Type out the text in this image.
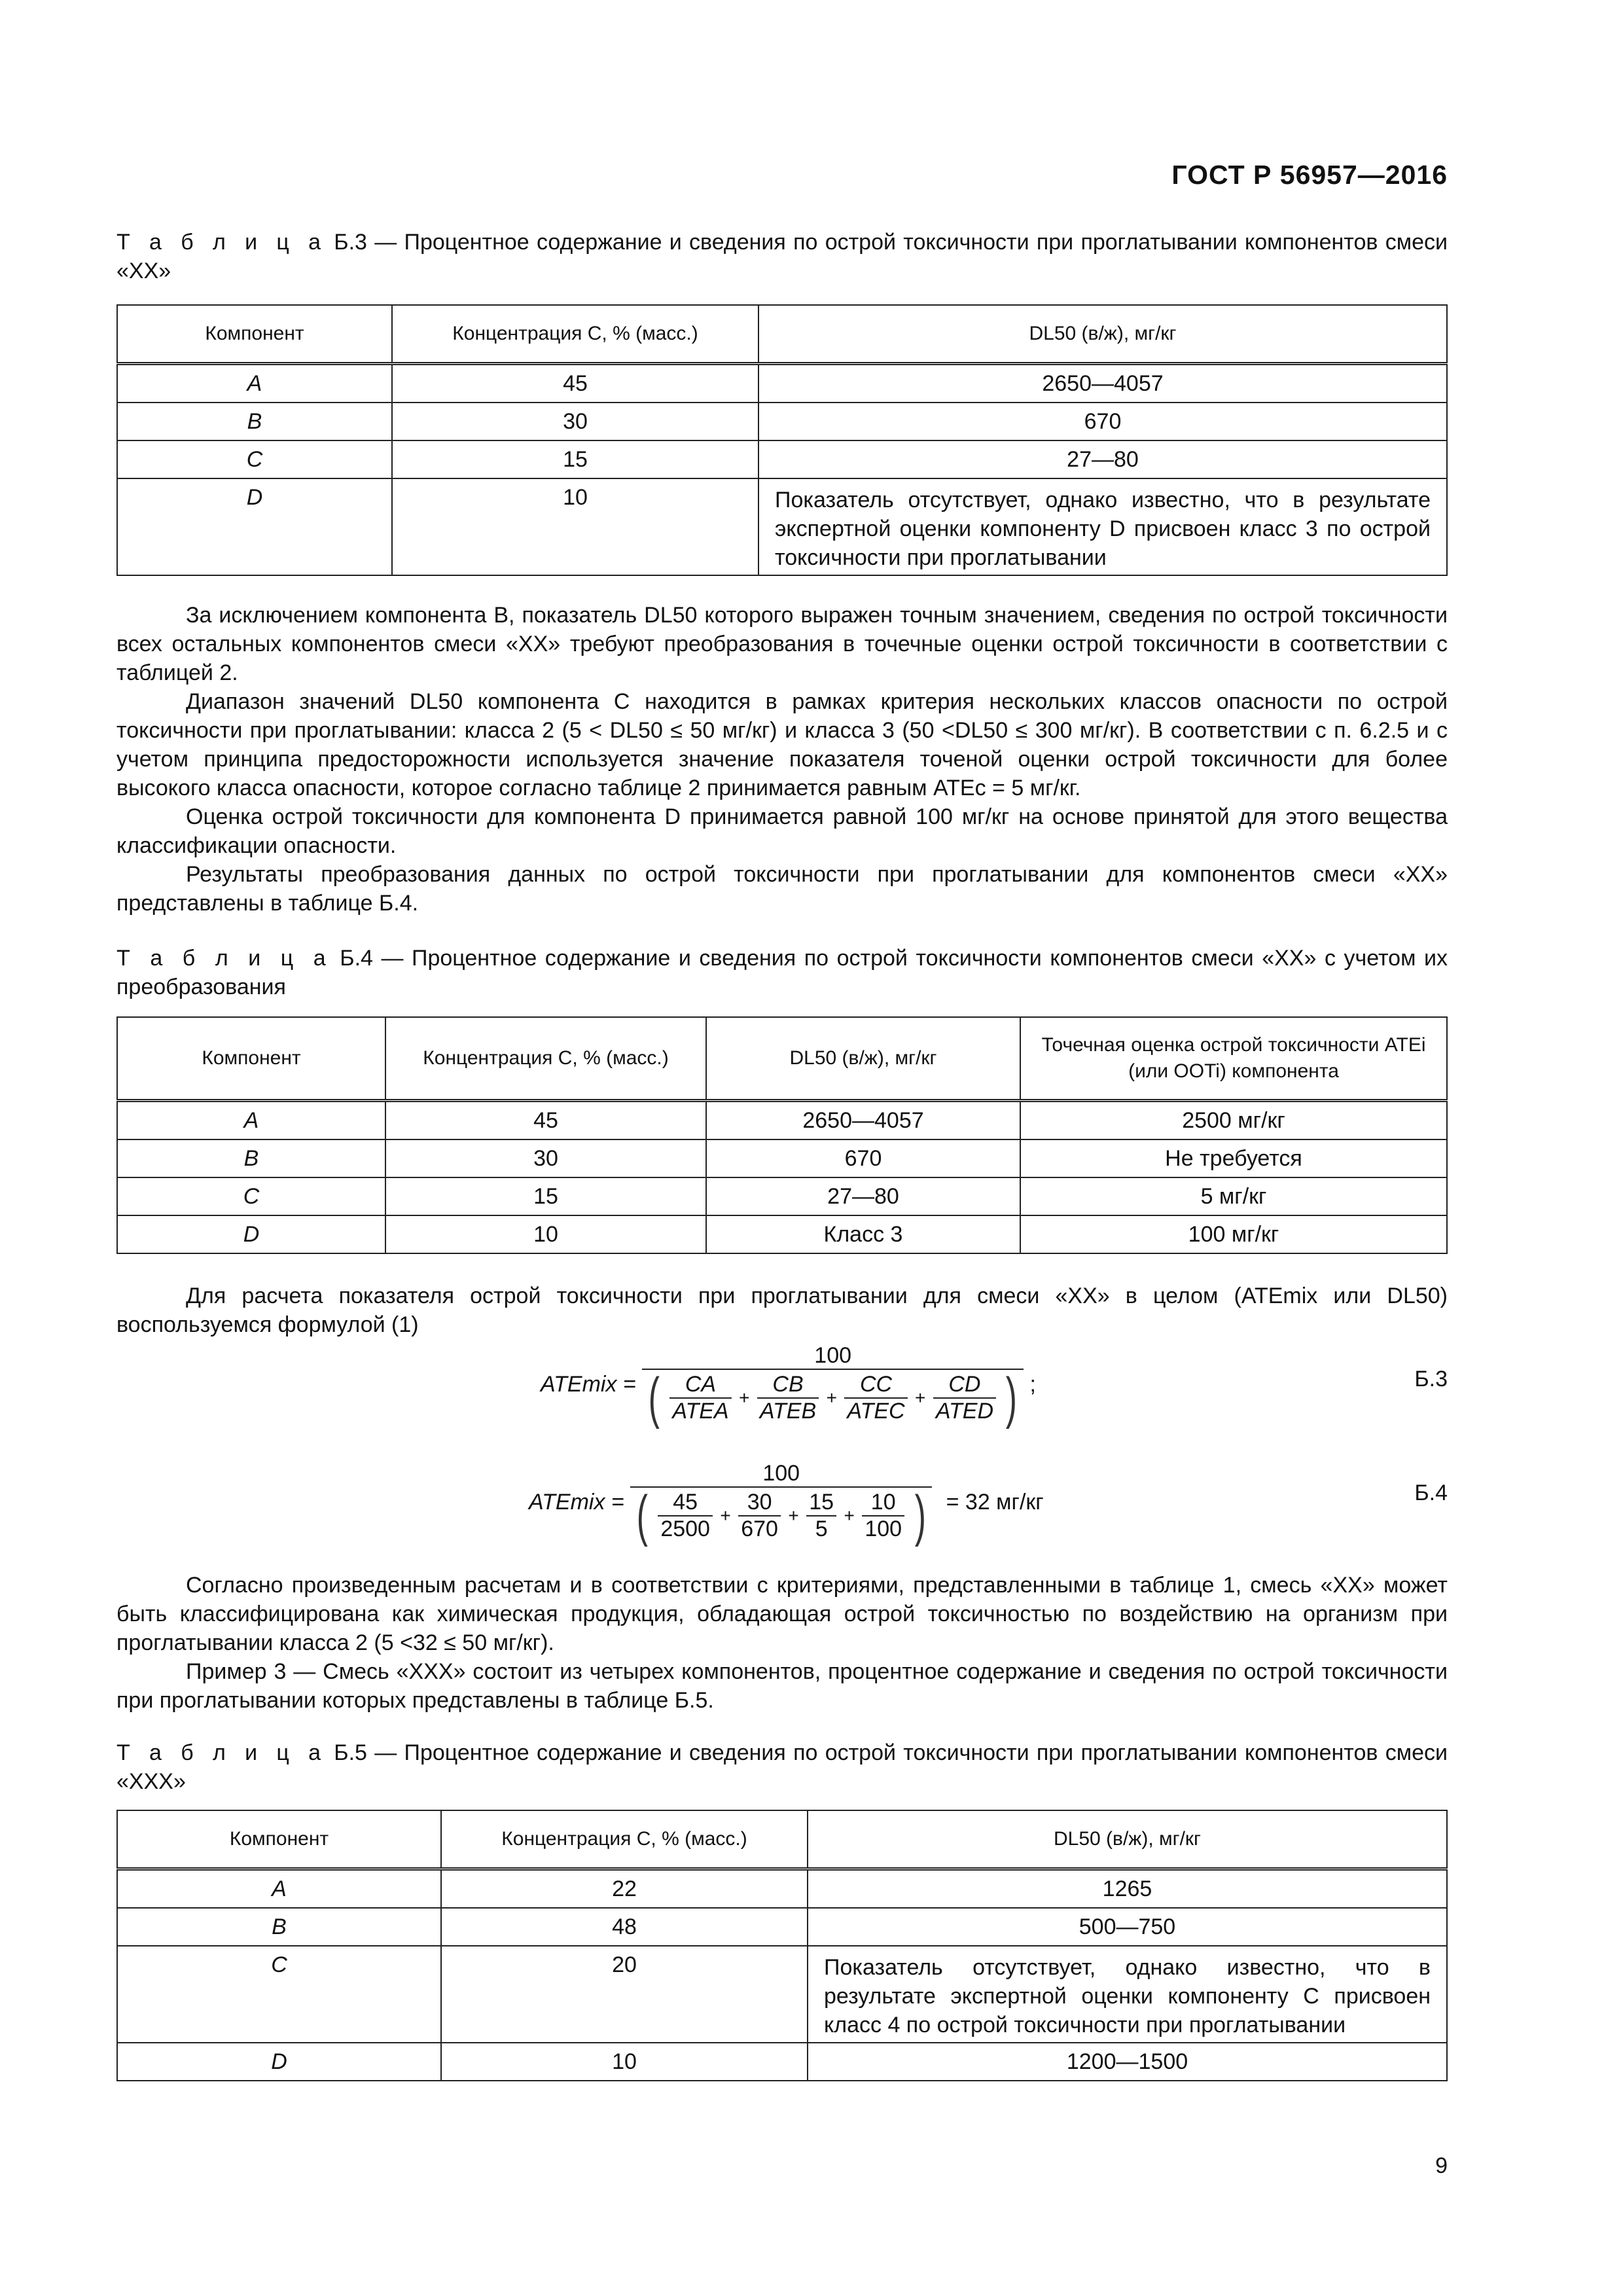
ГОСТ Р 56957—2016
Т а б л и ц а Б.3 — Процентное содержание и сведения по острой токсичности при проглатывании компонентов смеси «XX»
Компонент	Концентрация C, % (масс.)	DL50 (в/ж), мг/кг
A	45	2650—4057
B	30	670
C	15	27—80
D	10	Показатель отсутствует, однако известно, что в результате экспертной оценки компоненту D присвоен класс 3 по острой токсичности при проглатывании

За исключением компонента B, показатель DL50 которого выражен точным значением, сведения по острой токсичности всех остальных компонентов смеси «XX» требуют преобразования в точечные оценки острой токсичности в соответствии с таблицей 2.

Диапазон значений DL50 компонента C находится в рамках критерия нескольких классов опасности по острой токсичности при проглатывании: класса 2 (5 < DL50 ≤ 50 мг/кг) и класса 3 (50 <DL50 ≤ 300 мг/кг). В соответствии с п. 6.2.5 и с учетом принципа предосторожности используется значение показателя точеной оценки острой токсичности для более высокого класса опасности, которое согласно таблице 2 принимается равным ATEc = 5 мг/кг.

Оценка острой токсичности для компонента D принимается равной 100 мг/кг на основе принятой для этого вещества классификации опасности.

Результаты преобразования данных по острой токсичности при проглатывании для компонентов смеси «XX» представлены в таблице Б.4.

Т а б л и ц а Б.4 — Процентное содержание и сведения по острой токсичности компонентов смеси «XX» с учетом их преобразования
Компонент	Концентрация C, % (масс.)	DL50 (в/ж), мг/кг	Точечная оценка острой токсичности ATEi (или OOTi) компонента
A	45	2650—4057	2500 мг/кг
B	30	670	Не требуется
C	15	27—80	5 мг/кг
D	10	Класс 3	100 мг/кг

Для расчета показателя острой токсичности при проглатывании для смеси «XX» в целом (ATEmix или DL50) воспользуемся формулой (1)

ATEmix =
100
( $\frac{CA}{\text{ATEA}} + \frac{CB}{\text{ATEB}} + \frac{CC}{\text{ATEC}} + \frac{CD}{\text{ATED}}$ ) ;	Б.3
ATEmix =
100
( $\frac{45}{2500} + \frac{30}{670} + \frac{15}{5} + \frac{10}{100}$ ) = 32 мг/кг	Б.4

Согласно произведенным расчетам и в соответствии с критериями, представленными в таблице 1, смесь «XX» может быть классифицирована как химическая продукция, обладающая острой токсичностью по воздействию на организм при проглатывании класса 2 (5 <32 ≤ 50 мг/кг).

Пример 3 — Смесь «XXX» состоит из четырех компонентов, процентное содержание и сведения по острой токсичности при проглатывании которых представлены в таблице Б.5.

Т а б л и ц а Б.5 — Процентное содержание и сведения по острой токсичности при проглатывании компонентов смеси «XXX»
Компонент	Концентрация C, % (масс.)	DL50 (в/ж), мг/кг
A	22	1265
B	48	500—750
C	20	Показатель отсутствует, однако известно, что в результате экспертной оценки компоненту C присвоен класс 4 по острой токсичности при проглатывании
D	10	1200—1500
9
